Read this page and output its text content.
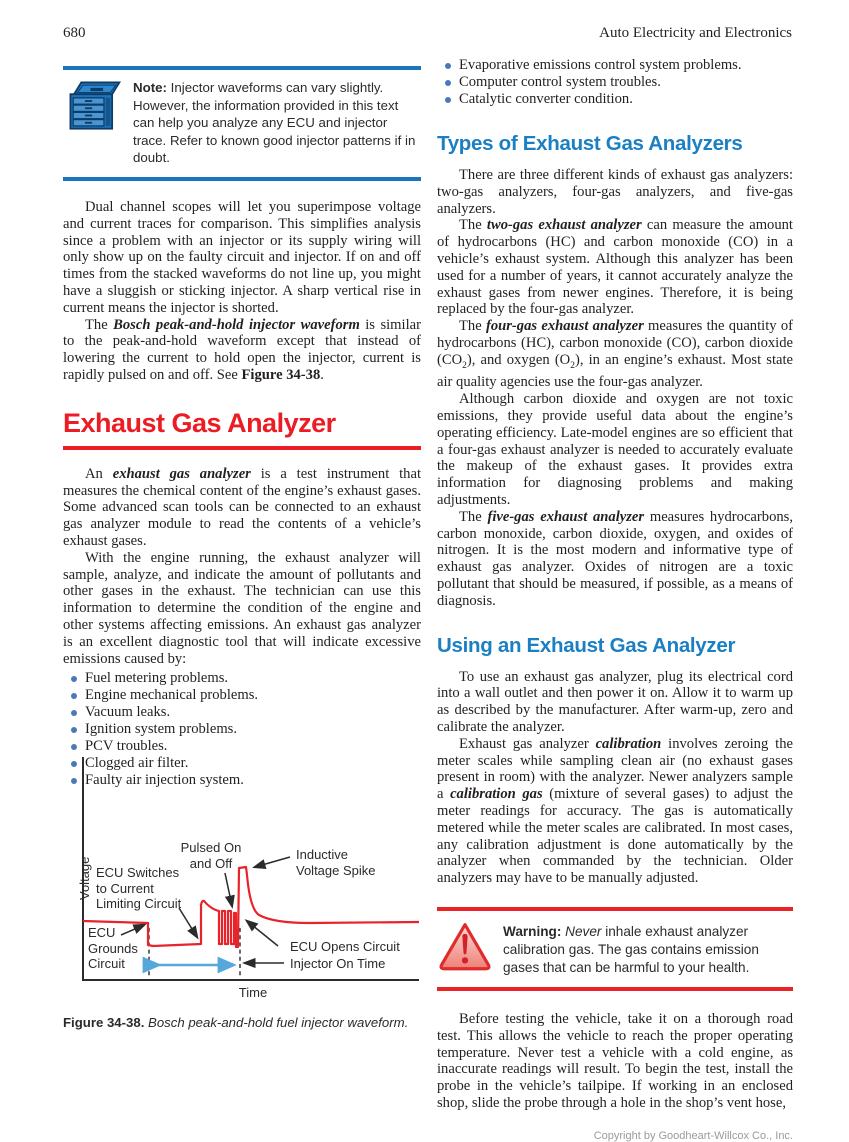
680	Auto Electricity and Electronics
Note: Injector waveforms can vary slightly. However, the information provided in this text can help you analyze any ECU and injector trace. Refer to known good injector patterns if in doubt.

Dual channel scopes will let you superimpose voltage and current traces for comparison. This simplifies analysis since a problem with an injector or its supply wiring will only show up on the faulty circuit and injector. If on and off times from the stacked waveforms do not line up, you might have a sluggish or sticking injector. A sharp vertical rise in current means the injector is shorted.

The Bosch peak-and-hold injector waveform is similar to the peak-and-hold waveform except that instead of lowering the current to hold open the injector, current is rapidly pulsed on and off. See Figure 34-38.

Exhaust Gas Analyzer

An exhaust gas analyzer is a test instrument that measures the chemical content of the engine’s exhaust gases. Some advanced scan tools can be connected to an exhaust gas analyzer module to read the contents of a vehicle’s exhaust gases.

With the engine running, the exhaust analyzer will sample, analyze, and indicate the amount of pollutants and other gases in the exhaust. The technician can use this information to determine the condition of the engine and other systems affecting emissions. An exhaust gas analyzer is an excellent diagnostic tool that will indicate excessive emissions caused by:

Fuel metering problems.
Engine mechanical problems.
Vacuum leaks.
Ignition system problems.
PCV troubles.
Clogged air filter.
Faulty air injection system.
Voltage ECU Switches
to Current
Limiting Circuit
Pulsed On
and Off
Inductive
Voltage Spike
ECU
Grounds
Circuit
ECU Opens Circuit
Injector On Time
Time
Figure 34-38. Bosch peak-and-hold fuel injector waveform.
Evaporative emissions control system problems.
Computer control system troubles.
Catalytic converter condition.
Types of Exhaust Gas Analyzers

There are three different kinds of exhaust gas analyzers: two-gas analyzers, four-gas analyzers, and five-gas analyzers.

The two-gas exhaust analyzer can measure the amount of hydrocarbons (HC) and carbon monoxide (CO) in a vehicle’s exhaust system. Although this analyzer has been used for a number of years, it cannot accurately analyze the exhaust gases from newer engines. Therefore, it is being replaced by the four-gas analyzer.

The four-gas exhaust analyzer measures the quantity of hydrocarbons (HC), carbon monoxide (CO), carbon dioxide $(CO_2)$, and oxygen $(O_2)$, in an engine’s exhaust. Most state air quality agencies use the four-gas analyzer.

Although carbon dioxide and oxygen are not toxic emissions, they provide useful data about the engine’s operating efficiency. Late-model engines are so efficient that a four-gas exhaust analyzer is needed to accurately evaluate the makeup of the exhaust gases. It provides extra information for diagnosing problems and making adjustments.

The five-gas exhaust analyzer measures hydrocarbons, carbon monoxide, carbon dioxide, oxygen, and oxides of nitrogen. It is the most modern and informative type of exhaust gas analyzer. Oxides of nitrogen are a toxic pollutant that should be measured, if possible, as a means of diagnosis.

Using an Exhaust Gas Analyzer

To use an exhaust gas analyzer, plug its electrical cord into a wall outlet and then power it on. Allow it to warm up as described by the manufacturer. After warm-up, zero and calibrate the analyzer.

Exhaust gas analyzer calibration involves zeroing the meter scales while sampling clean air (no exhaust gases present in room) with the analyzer. Newer analyzers sample a calibration gas (mixture of several gases) to adjust the meter readings for accuracy. The gas is automatically metered while the meter scales are calibrated. In most cases, any calibration adjustment is done automatically by the analyzer when commanded by the technician. Older analyzers may have to be manually adjusted.

Warning: Never inhale exhaust analyzer calibration gas. The gas contains emission gases that can be harmful to your health.

Before testing the vehicle, take it on a thorough road test. This allows the vehicle to reach the proper operating temperature. Never test a vehicle with a cold engine, as inaccurate readings will result. To begin the test, install the probe in the vehicle’s tailpipe. If working in an enclosed shop, slide the probe through a hole in the shop’s vent hose,

Copyright by Goodheart-Willcox Co., Inc.
